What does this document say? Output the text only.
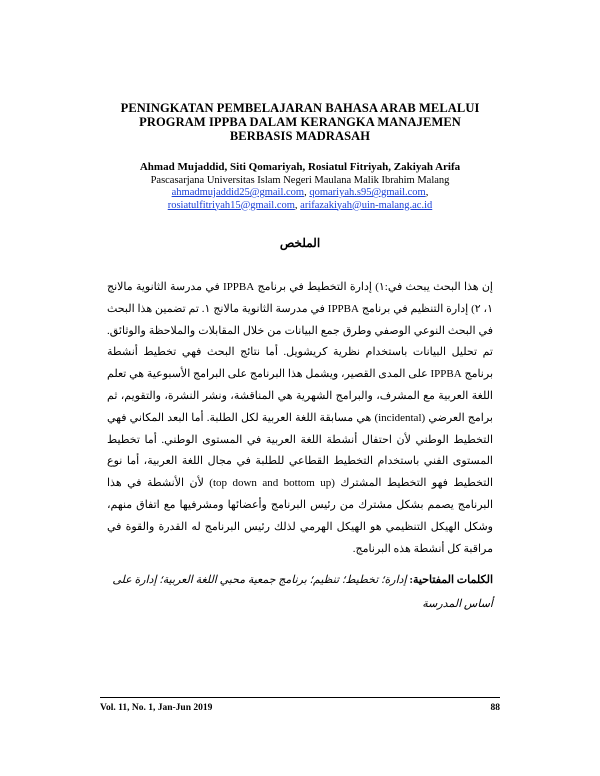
PENINGKATAN PEMBELAJARAN BAHASA ARAB MELALUI
PROGRAM IPPBA DALAM KERANGKA MANAJEMEN
BERBASIS MADRASAH
Ahmad Mujaddid, Siti Qomariyah, Rosiatul Fitriyah, Zakiyah Arifa
Pascasarjana Universitas Islam Negeri Maulana Malik Ibrahim Malang
ahmadmujaddid25@gmail.com, qomariyah.s95@gmail.com,
rosiatulfitriyah15@gmail.com, arifazakiyah@uin-malang.ac.id
الملخص
إن هذا البحث يبحث في:١) إدارة التخطيط في برنامج IPPBA في مدرسة الثانوية مالانج ١، ٢) إدارة التنظيم في برنامج IPPBA في مدرسة الثانوية مالانج ١. تم تضمين هذا البحث في البحث النوعي الوصفي وطرق جمع البيانات من خلال المقابلات والملاحظة والوثائق. تم تحليل البيانات باستخدام نظرية كريشويل. أما نتائج البحث فهي تخطيط أنشطة برنامج IPPBA على المدى القصير، ويشمل هذا البرنامج على البرامج الأسبوعية هي تعلم اللغة العربية مع المشرف، والبرامج الشهرية هي المناقشة، ونشر النشرة، والتقويم، ثم برامج العرضي (incidental) هي مسابقة اللغة العربية لكل الطلبة. أما البعد المكاني فهي التخطيط الوطني لأن احتفال أنشطة اللغة العربية في المستوى الوطني. أما تخطيط المستوى الفني باستخدام التخطيط القطاعي للطلبة في مجال اللغة العربية، أما نوع التخطيط فهو التخطيط المشترك (top down and bottom up) لأن الأنشطة في هذا البرنامج يصمم بشكل مشترك من رئيس البرنامج وأعضائها ومشرفيها مع اتفاق منهم، وشكل الهيكل التنظيمي هو الهيكل الهرمي لذلك رئيس البرنامج له القدرة والقوة في مراقبة كل أنشطة هذه البرنامج.
الكلمات المفتاحية: إدارة؛ تخطيط؛ تنظيم؛ برنامج جمعية محبي اللغة العربية؛ إدارة على أساس المدرسة
Vol. 11, No. 1, Jan-Jun 2019	88
